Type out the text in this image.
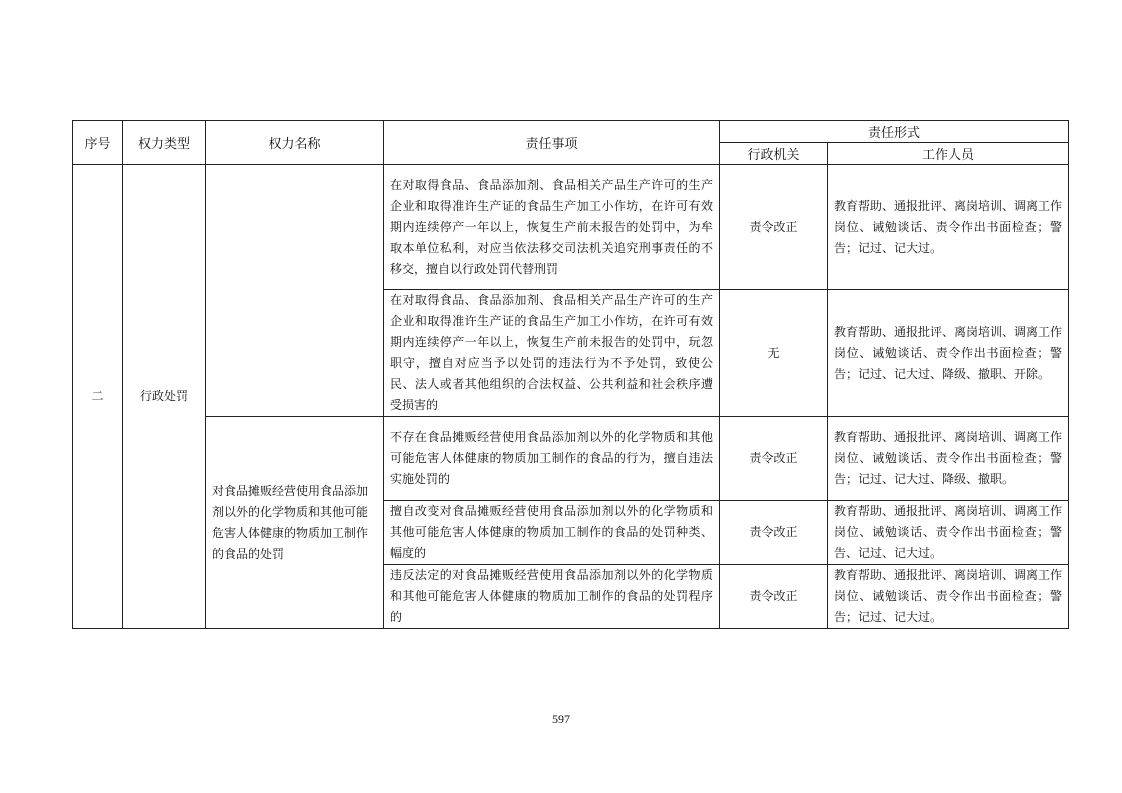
序号	权力类型	权力名称	责任事项	责任形式	
				行政机关	工作人员
二	行政处罚		在对取得食品、食品添加剂、食品相关产品生产许可的生产企业和取得准许生产证的食品生产加工小作坊，在许可有效期内连续停产一年以上，恢复生产前未报告的处罚中，为牟取本单位私利，对应当依法移交司法机关追究刑事责任的不移交，擅自以行政处罚代替刑罚	责令改正	教育帮助、通报批评、离岗培训、调离工作岗位、诫勉谈话、责令作出书面检查；警告；记过、记大过。
			在对取得食品、食品添加剂、食品相关产品生产许可的生产企业和取得准许生产证的食品生产加工小作坊，在许可有效期内连续停产一年以上，恢复生产前未报告的处罚中，玩忽职守，擅自对应当予以处罚的违法行为不予处罚，致使公民、法人或者其他组织的合法权益、公共利益和社会秩序遭受损害的	无	教育帮助、通报批评、离岗培训、调离工作岗位、诫勉谈话、责令作出书面检查；警告；记过、记大过、降级、撤职、开除。
		对食品摊贩经营使用食品添加剂以外的化学物质和其他可能危害人体健康的物质加工制作的食品的处罚	不存在食品摊贩经营使用食品添加剂以外的化学物质和其他可能危害人体健康的物质加工制作的食品的行为，擅自违法实施处罚的	责令改正	教育帮助、通报批评、离岗培训、调离工作岗位、诫勉谈话、责令作出书面检查；警告；记过、记大过、降级、撤职。
			擅自改变对食品摊贩经营使用食品添加剂以外的化学物质和其他可能危害人体健康的物质加工制作的食品的处罚种类、幅度的	责令改正	教育帮助、通报批评、离岗培训、调离工作岗位、诫勉谈话、责令作出书面检查；警告、记过、记大过。
			违反法定的对食品摊贩经营使用食品添加剂以外的化学物质和其他可能危害人体健康的物质加工制作的食品的处罚程序的	责令改正	教育帮助、通报批评、离岗培训、调离工作岗位、诫勉谈话、责令作出书面检查；警告；记过、记大过。
597
